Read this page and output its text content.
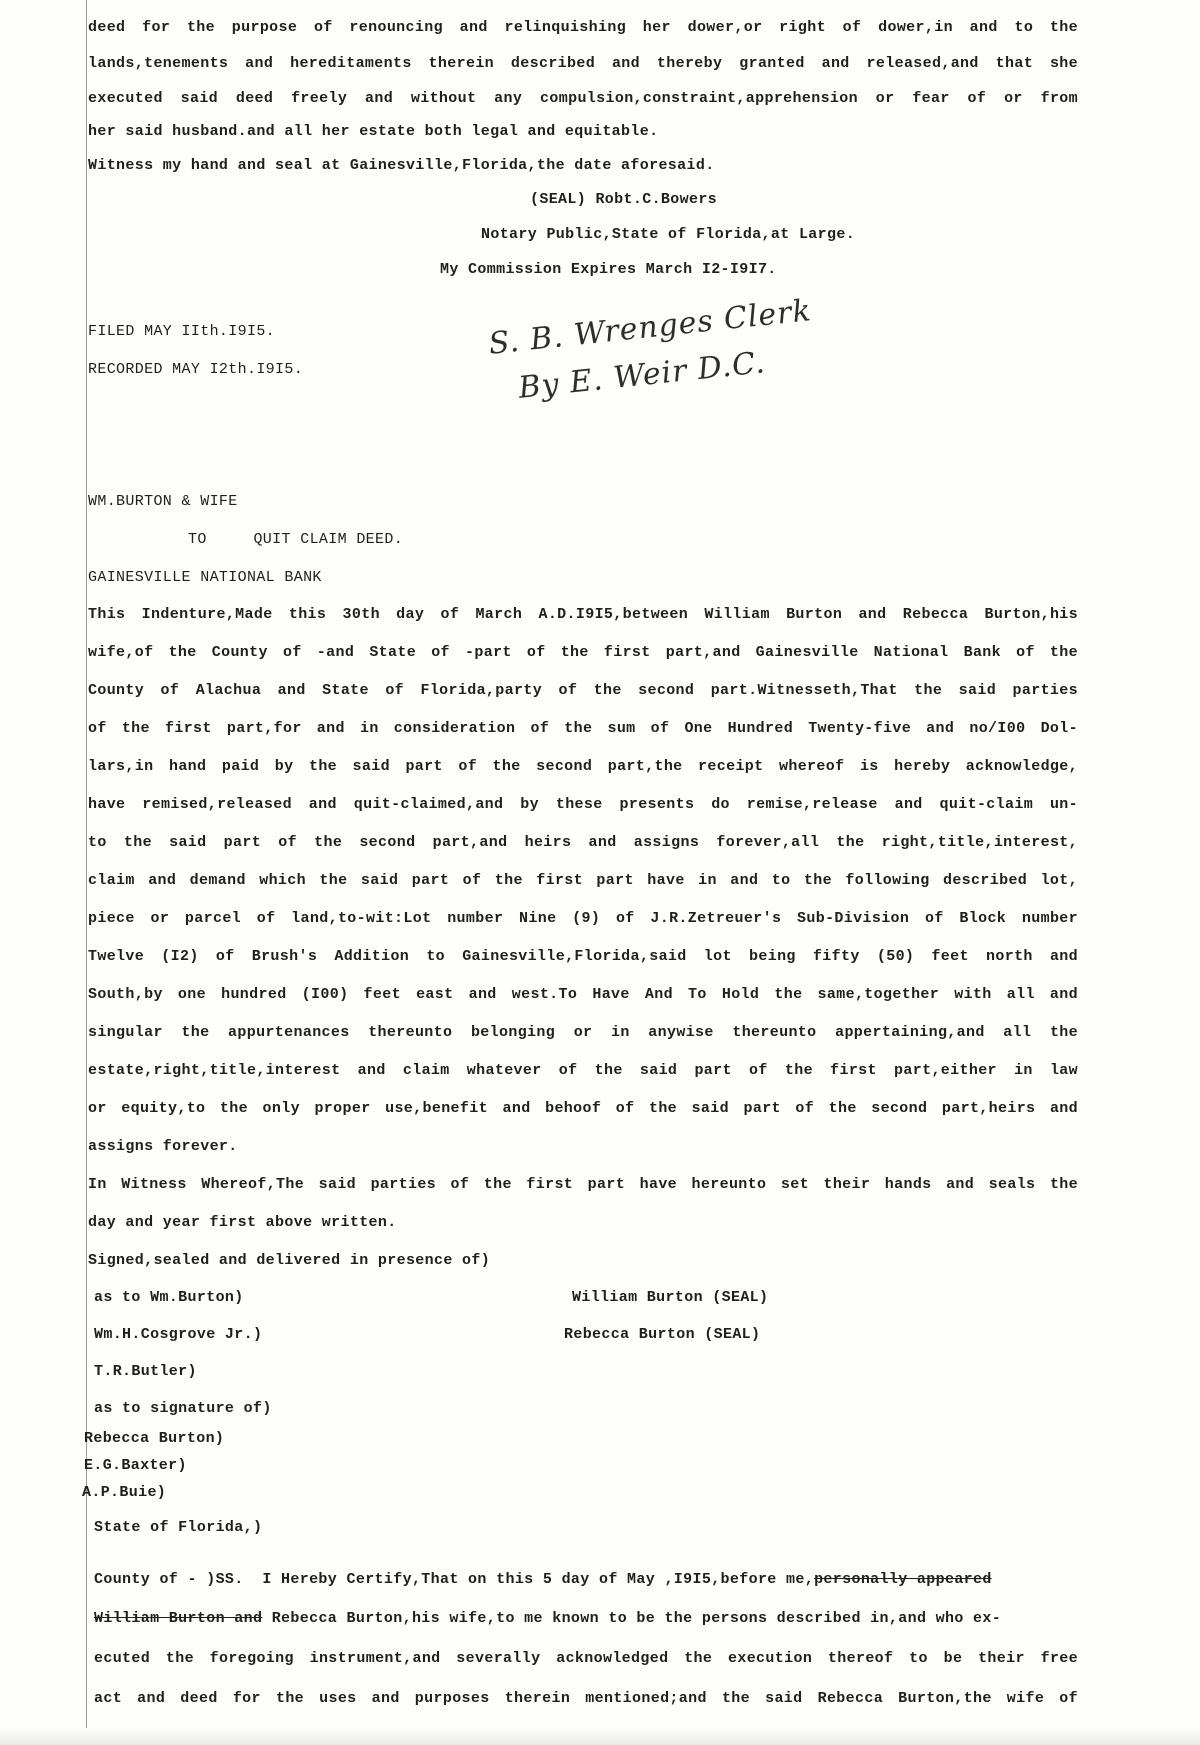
deed for the purpose of renouncing and relinquishing her dower,or right of dower,in and to the
lands,tenements and hereditaments therein described and thereby granted and released,and that she
executed said deed freely and without any compulsion,constraint,apprehension or fear of or from
her said husband.and all her estate both legal and equitable.
Witness my hand and seal at Gainesville,Florida,the date aforesaid.
(SEAL) Robt.C.Bowers
Notary Public,State of Florida,at Large.
My Commission Expires March I2-I9I7.
FILED MAY IIth.I9I5.
RECORDED MAY I2th.I9I5.
S. B. Wrenges Clerk
By E. Weir D.C.
WM.BURTON & WIFE
TO     QUIT CLAIM DEED.
GAINESVILLE NATIONAL BANK
This Indenture,Made this 30th day of March A.D.I9I5,between William Burton and Rebecca Burton,his
wife,of the County of -and State of -part of the first part,and Gainesville National Bank of the
County of Alachua and State of Florida,party of the second part.Witnesseth,That the said parties
of the first part,for and in consideration of the sum of One Hundred Twenty-five and no/I00 Dol-
lars,in hand paid by the said part of the second part,the receipt whereof is hereby acknowledge,
have remised,released and quit-claimed,and by these presents do remise,release and quit-claim un-
to the said part of the second part,and heirs and assigns forever,all the right,title,interest,
claim and demand which the said part of the first part have in and to the following described lot,
piece or parcel of land,to-wit:Lot number Nine (9) of J.R.Zetreuer's Sub-Division of Block number
Twelve (I2) of Brush's Addition to Gainesville,Florida,said lot being fifty (50) feet north and
South,by one hundred (I00) feet east and west.To Have And To Hold the same,together with all and
singular the appurtenances thereunto belonging or in anywise thereunto appertaining,and all the
estate,right,title,interest and claim whatever of the said part of the first part,either in law
or equity,to the only proper use,benefit and behoof of the said part of the second part,heirs and
assigns forever.
In Witness Whereof,The said parties of the first part have hereunto set their hands and seals the
day and year first above written.
Signed,sealed and delivered in presence of)
as to Wm.Burton)	William Burton (SEAL)
Wm.H.Cosgrove Jr.)	Rebecca Burton (SEAL)
T.R.Butler)
as to signature of)
Rebecca Burton)
E.G.Baxter)
A.P.Buie)
State of Florida,)
County of - )SS.  I Hereby Certify,That on this 5 day of May ,I9I5,before me,personally appeared
William Burton and Rebecca Burton,his wife,to me known to be the persons described in,and who ex-
ecuted the foregoing instrument,and severally acknowledged the execution thereof to be their free
act and deed for the uses and purposes therein mentioned;and the said Rebecca Burton,the wife of
